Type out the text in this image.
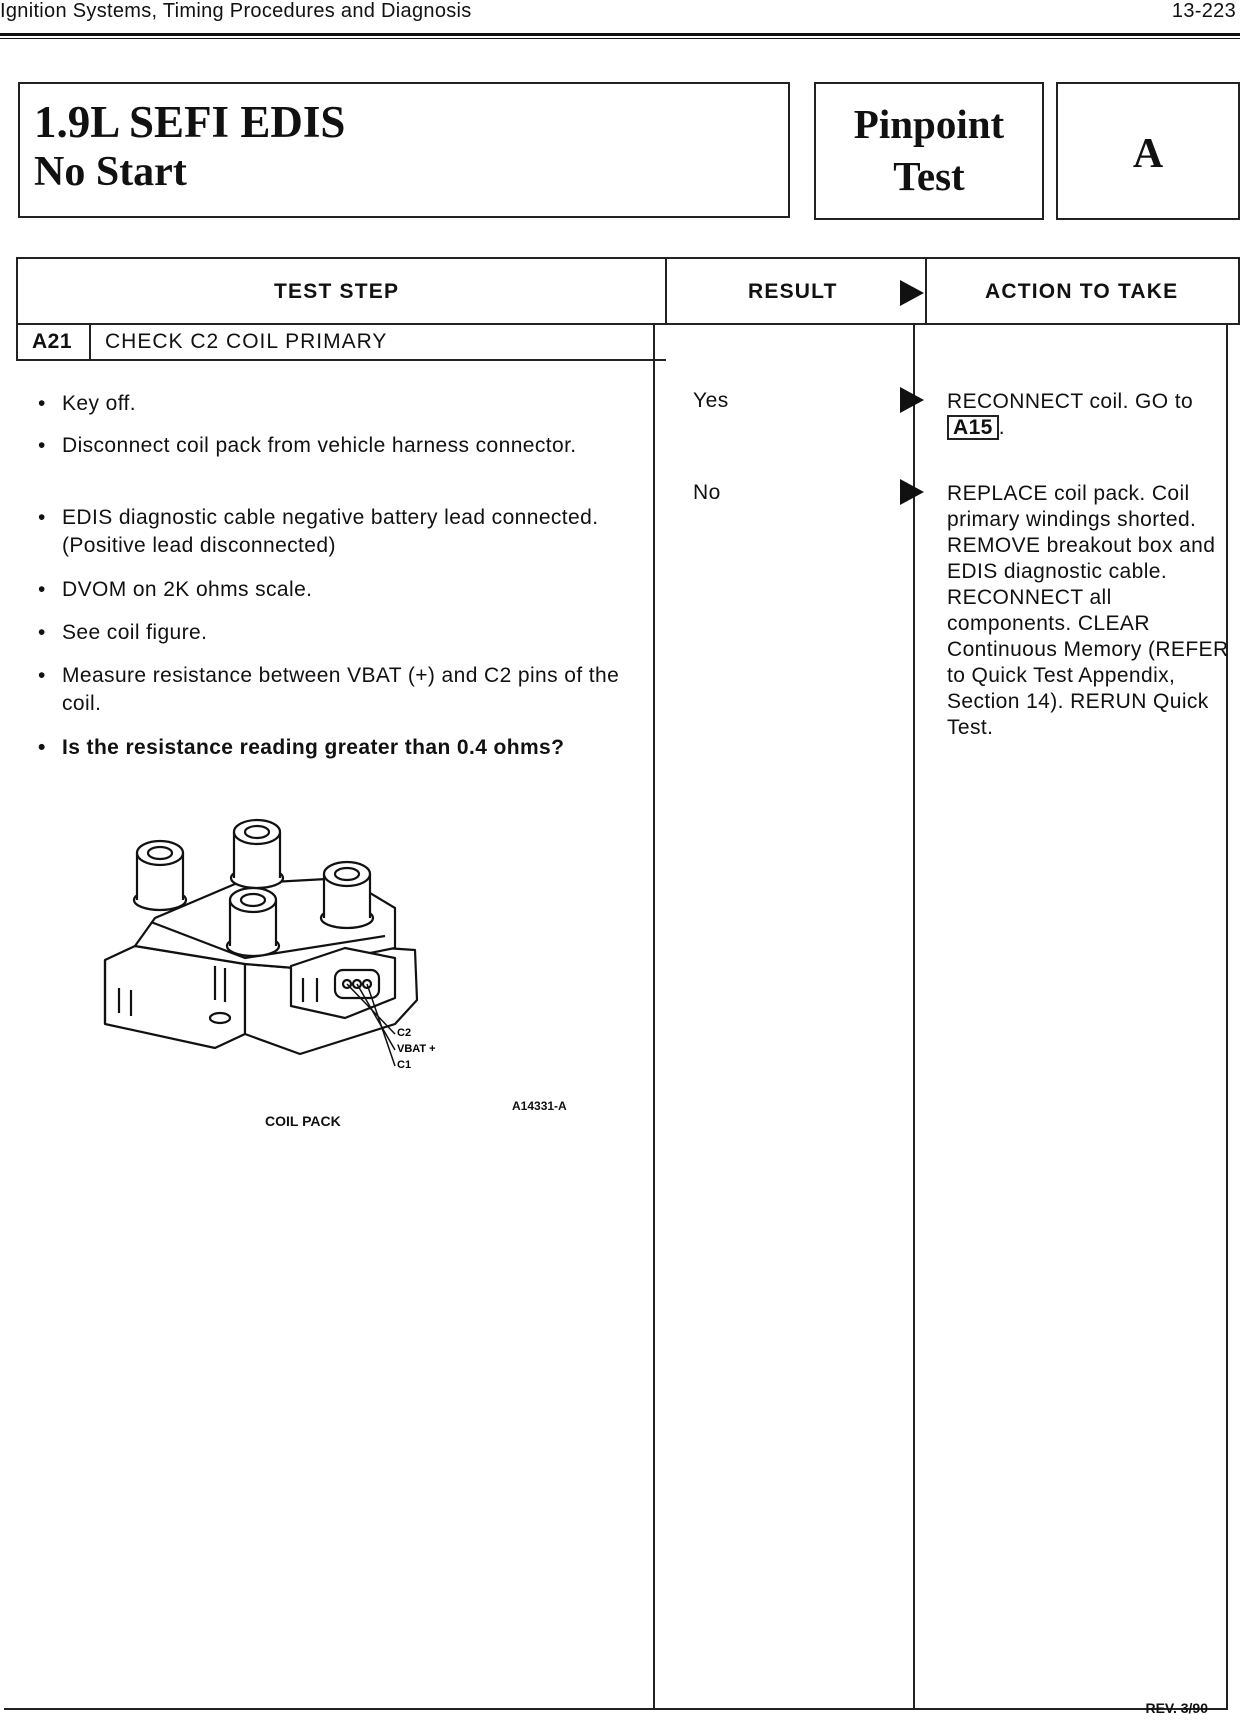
Ignition Systems, Timing Procedures and Diagnosis	13-223
1.9L SEFI EDIS
No Start
Pinpoint
Test	A
TEST STEP	RESULT	ACTION TO TAKE
A21 CHECK C2 COIL PRIMARY
• Key off.
• Disconnect coil pack from vehicle harness connector.
• EDIS diagnostic cable negative battery lead connected. (Positive lead disconnected)
• DVOM on 2K ohms scale.
• See coil figure.
• Measure resistance between VBAT (+) and C2 pins of the coil.
• Is the resistance reading greater than 0.4 ohms?
C2
VBAT +
C1
A14331-A
COIL PACK
Yes	RECONNECT coil. GO to A15 .
No	REPLACE coil pack. Coil primary windings shorted. REMOVE breakout box and EDIS diagnostic cable. RECONNECT all components. CLEAR Continuous Memory (REFER to Quick Test Appendix, Section 14). RERUN Quick Test.
REV. 3/90
